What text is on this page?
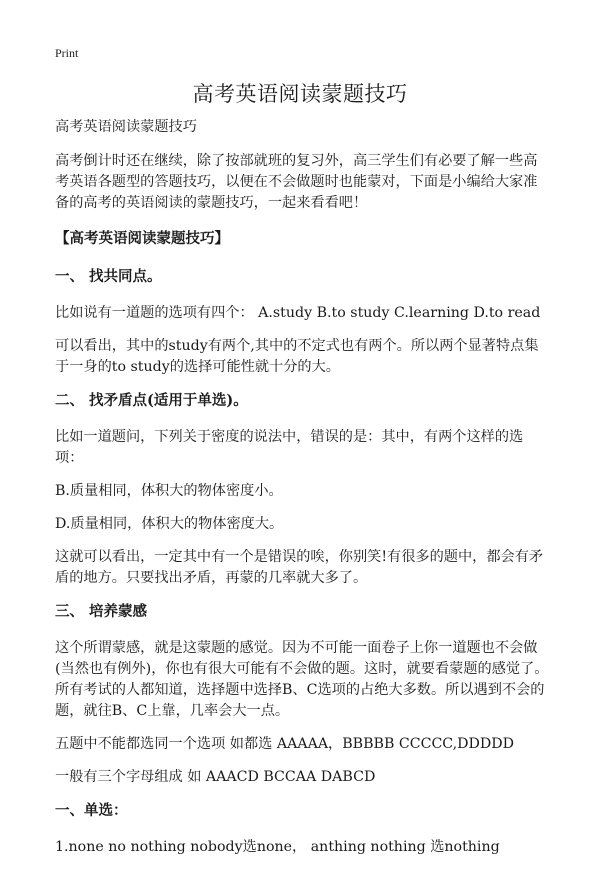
Print
高考英语阅读蒙题技巧

高考英语阅读蒙题技巧

高考倒计时还在继续，除了按部就班的复习外，高三学生们有必要了解一些高考英语各题型的答题技巧，以便在不会做题时也能蒙对，下面是小编给大家准备的高考的英语阅读的蒙题技巧，一起来看看吧！

【高考英语阅读蒙题技巧】

一、 找共同点。

比如说有一道题的选项有四个： A.study B.to study C.learning D.to read

可以看出，其中的study有两个,其中的不定式也有两个。所以两个显著特点集于一身的to study的选择可能性就十分的大。

二、 找矛盾点(适用于单选)。

比如一道题问，下列关于密度的说法中，错误的是：其中，有两个这样的选项：

B.质量相同，体积大的物体密度小。

D.质量相同，体积大的物体密度大。

这就可以看出，一定其中有一个是错误的唉，你别笑!有很多的题中，都会有矛盾的地方。只要找出矛盾，再蒙的几率就大多了。

三、 培养蒙感

这个所谓蒙感，就是这蒙题的感觉。因为不可能一面卷子上你一道题也不会做(当然也有例外)，你也有很大可能有不会做的题。这时，就要看蒙题的感觉了。所有考试的人都知道，选择题中选择B、C选项的占绝大多数。所以遇到不会的题，就往B、C上靠，几率会大一点。

五题中不能都选同一个选项 如都选 AAAAA，BBBBB CCCCC,DDDDD

一般有三个字母组成 如 AAACD BCCAA DABCD

一、单选：

1.none no nothing nobody选none， anthing nothing 选nothing
